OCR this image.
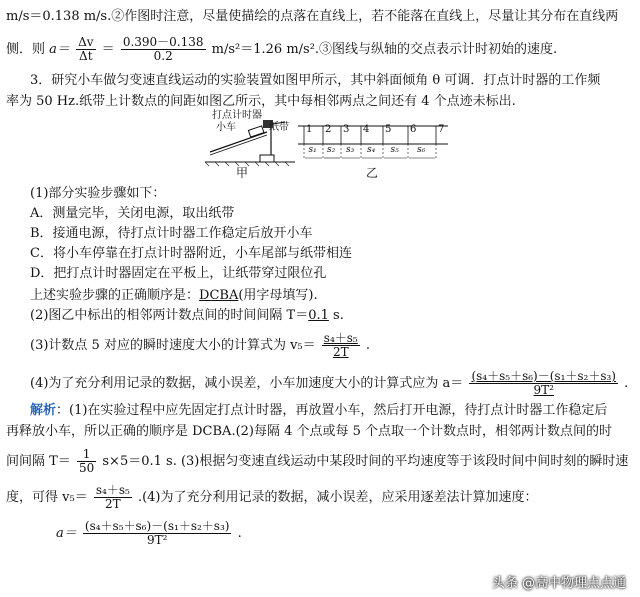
m/s＝0.138 m/s.②作图时注意，尽量使描绘的点落在直线上，若不能落在直线上，尽量让其分布在直线两
侧．则 $a= \frac{\Delta v}{\Delta t} = \frac{0.390-0.138}{0.2} m/s^2=1.26$ m/s².③图线与纵轴的交点表示计时初始的速度.
3．研究小车做匀变速直线运动的实验装置如图甲所示，其中斜面倾角 θ 可调．打点计时器的工作频
率为 50 Hz.纸带上计数点的间距如图乙所示，其中每相邻两点之间还有 4 个点迹未标出.
打点计时器
小车	纸带
甲
1 2 3 4 5 6 7
s₁ s₂ s₃ s₄ s₅ s₆
乙
(1)部分实验步骤如下：
A．测量完毕，关闭电源，取出纸带
B．接通电源，待打点计时器工作稳定后放开小车
C．将小车停靠在打点计时器附近，小车尾部与纸带相连
D．把打点计时器固定在平板上，让纸带穿过限位孔
上述实验步骤的正确顺序是：DCBA(用字母填写).
(2)图乙中标出的相邻两计数点间的时间间隔 T＝0.1 s.
(3)计数点 5 对应的瞬时速度大小的计算式为 $v_5= \frac{\text{s₄＋s₅}}{2T}$ .
(4)为了充分利用记录的数据，减小误差，小车加速度大小的计算式应为 $a= \frac{\text{(s₄＋s₅＋s₆)－(s₁＋s₂＋s₃)}}{\text{9T²}}$ .
解析：(1)在实验过程中应先固定打点计时器，再放置小车，然后打开电源，待打点计时器工作稳定后
再释放小车，所以正确的顺序是 DCBA.(2)每隔 4 个点或每 5 个点取一个计数点时，相邻两计数点间的时
间间隔 $T= \frac{1}{50} s\times 5=0.1$ s. (3)根据匀变速直线运动中某段时间的平均速度等于该段时间中间时刻的瞬时速
度，可得 $v_5= \frac{\text{s₄＋s₅}}{2T} .(4)$为了充分利用记录的数据，减小误差，应采用逐差法计算加速度：
$a= \frac{\text{(s₄＋s₅＋s₆)－(s₁＋s₂＋s₃)}}{\text{9T²}}$ .
头条 @高中物理点点通
